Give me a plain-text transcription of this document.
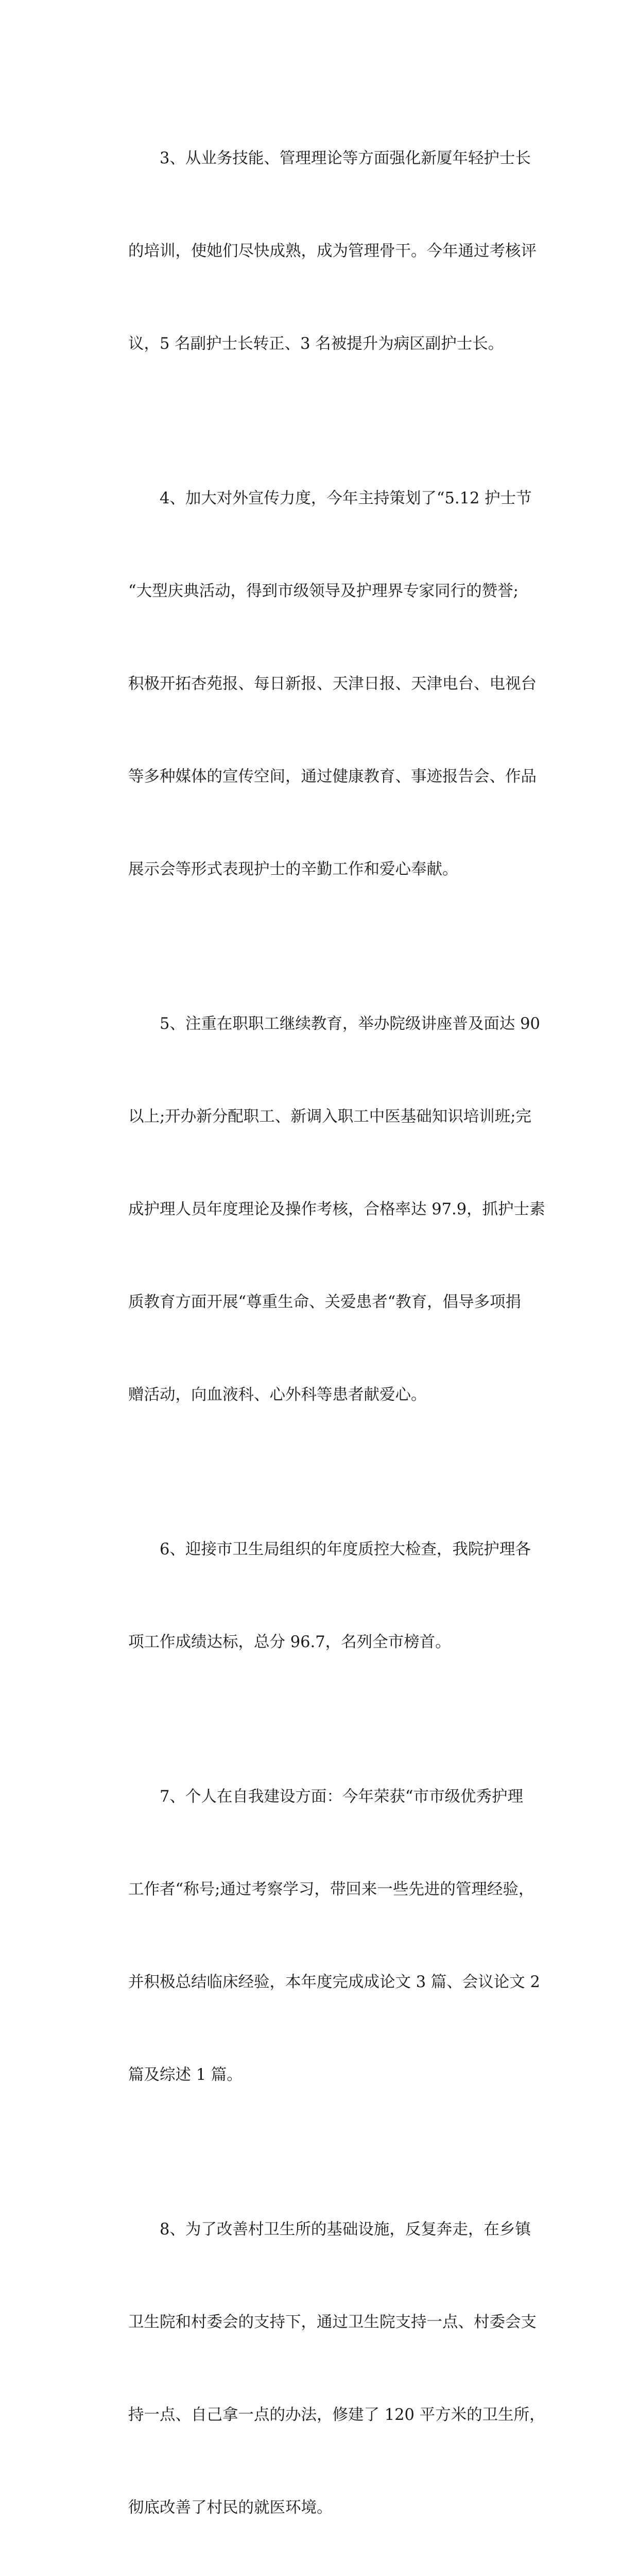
3、从业务技能、管理理论等方面强化新厦年轻护士长

的培训，使她们尽快成熟，成为管理骨干。今年通过考核评

议，5 名副护士长转正、3 名被提升为病区副护士长。

4、加大对外宣传力度，今年主持策划了“5.12 护士节

“大型庆典活动，得到市级领导及护理界专家同行的赞誉;

积极开拓杏苑报、每日新报、天津日报、天津电台、电视台

等多种媒体的宣传空间，通过健康教育、事迹报告会、作品

展示会等形式表现护士的辛勤工作和爱心奉献。

5、注重在职职工继续教育，举办院级讲座普及面达 90

以上;开办新分配职工、新调入职工中医基础知识培训班;完

成护理人员年度理论及操作考核，合格率达 97.9，抓护士素

质教育方面开展“尊重生命、关爱患者“教育，倡导多项捐

赠活动，向血液科、心外科等患者献爱心。

6、迎接市卫生局组织的年度质控大检查，我院护理各

项工作成绩达标，总分 96.7，名列全市榜首。

7、个人在自我建设方面：今年荣获“市市级优秀护理

工作者“称号;通过考察学习，带回来一些先进的管理经验，

并积极总结临床经验，本年度完成成论文 3 篇、会议论文 2

篇及综述 1 篇。

8、为了改善村卫生所的基础设施，反复奔走，在乡镇

卫生院和村委会的支持下，通过卫生院支持一点、村委会支

持一点、自己拿一点的办法，修建了 120 平方米的卫生所，

彻底改善了村民的就医环境。
